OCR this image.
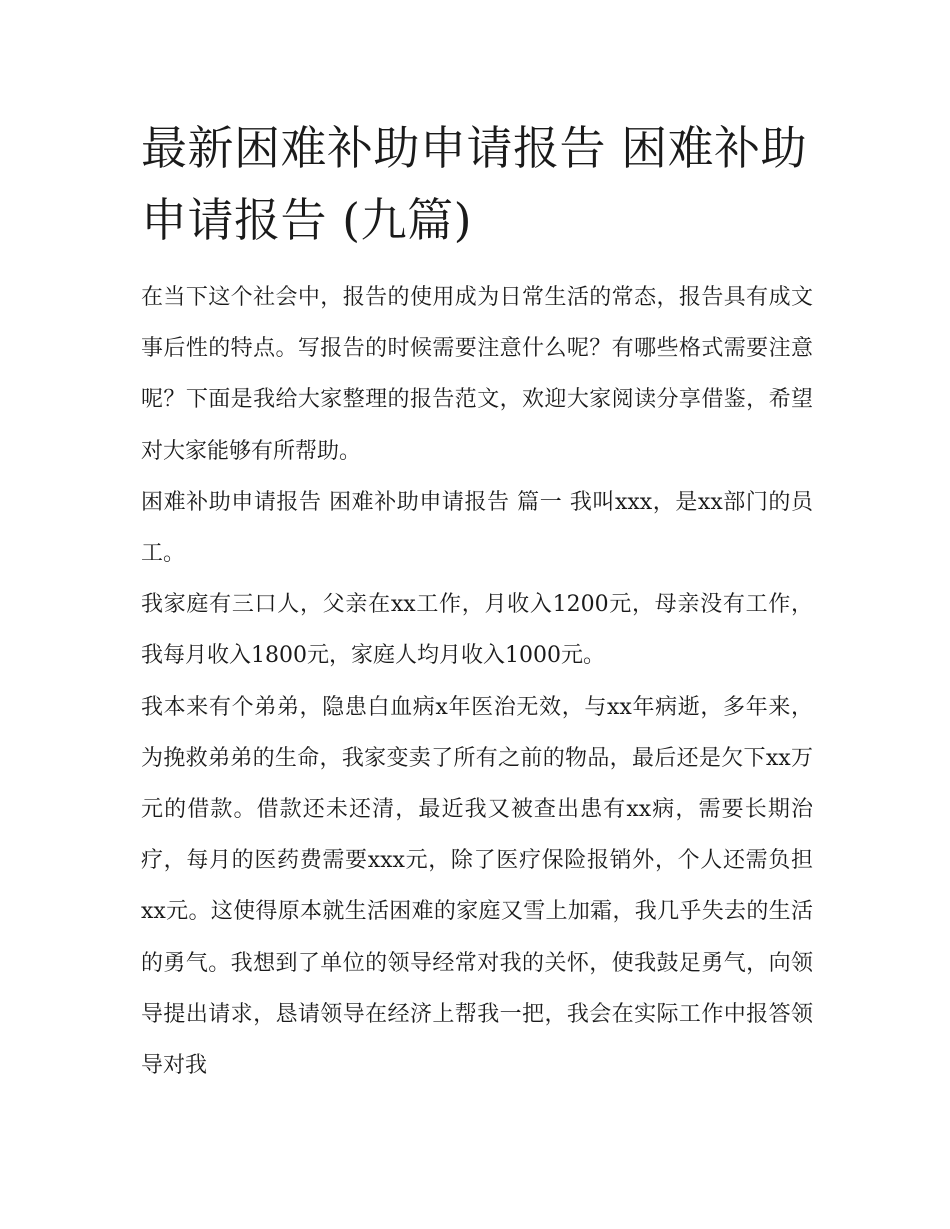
最新困难补助申请报告 困难补助申请报告 (九篇)

在当下这个社会中，报告的使用成为日常生活的常态，报告具有成文事后性的特点。写报告的时候需要注意什么呢？有哪些格式需要注意呢？下面是我给大家整理的报告范文，欢迎大家阅读分享借鉴，希望对大家能够有所帮助。

困难补助申请报告 困难补助申请报告 篇一 我叫xxx，是xx部门的员工。

我家庭有三口人，父亲在xx工作，月收入1200元，母亲没有工作，我每月收入1800元，家庭人均月收入1000元。

我本来有个弟弟，隐患白血病x年医治无效，与xx年病逝，多年来，为挽救弟弟的生命，我家变卖了所有之前的物品，最后还是欠下xx万元的借款。借款还未还清，最近我又被查出患有xx病，需要长期治疗，每月的医药费需要xxx元，除了医疗保险报销外，个人还需负担xx元。这使得原本就生活困难的家庭又雪上加霜，我几乎失去的生活的勇气。我想到了单位的领导经常对我的关怀，使我鼓足勇气，向领导提出请求，恳请领导在经济上帮我一把，我会在实际工作中报答领导对我
